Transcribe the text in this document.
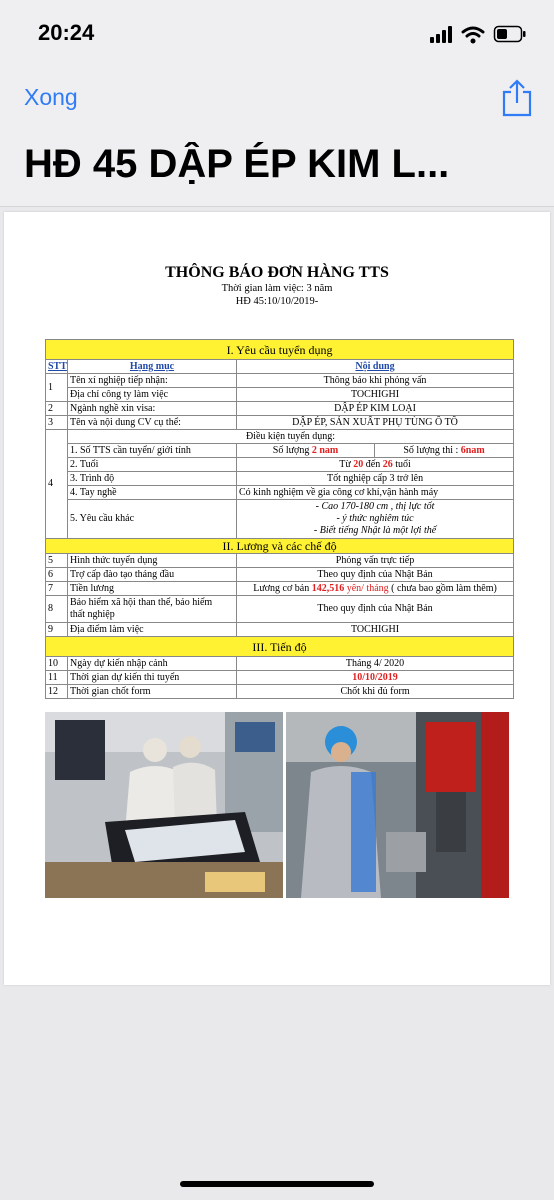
20:24
Xong
HĐ 45 DẬP ÉP KIM L...
THÔNG BÁO ĐƠN HÀNG TTS
Thời gian làm việc: 3 năm
HĐ 45:10/10/2019-
I. Yêu cầu tuyển dụng			
STT	Hạng mục	Nội dung	
1	Tên xí nghiệp tiếp nhận:	Thông báo khi phỏng vấn	
	Địa chỉ công ty làm việc	TOCHIGHI	
2	Ngành nghề xin visa:	DẬP ÉP KIM LOẠI	
3	Tên và nội dung CV cụ thể:	DẬP ÉP, SẢN XUẤT PHỤ TÙNG Ô TÔ	
4	Điều kiện tuyển dụng:		
	1. Số TTS cần tuyển/ giới tính	Số lượng 2 nam	Số lượng thi : 6nam
	2. Tuổi	Từ 20 đến 26 tuổi	
	3. Trình độ	Tốt nghiệp cấp 3 trở lên	
	4. Tay nghề	Có kinh nghiệm về gia công cơ khí,vận hành máy	
	5. Yêu cầu khác	- Cao 170-180 cm , thị lực tốt
- ý thức nghiêm túc
- Biết tiếng Nhật là một lợi thế	

II. Lương và các chế độ			
5	Hình thức tuyển dụng	Phỏng vấn trực tiếp	
6	Trợ cấp đào tạo tháng đầu	Theo quy định của Nhật Bản	
7	Tiền lương	Lương cơ bản 142,516 yên/ tháng ( chưa bao gồm làm thêm)	
8	Bảo hiểm xã hội than thể, bảo hiểm
thất nghiệp	Theo quy định của Nhật Bản	
9	Địa điểm làm việc	TOCHIGHI	
III. Tiến độ			
10	Ngày dự kiến nhập cảnh	Tháng 4/ 2020	
11	Thời gian dự kiến thi tuyển	10/10/2019	
12	Thời gian chốt form	Chốt khi đủ form	
